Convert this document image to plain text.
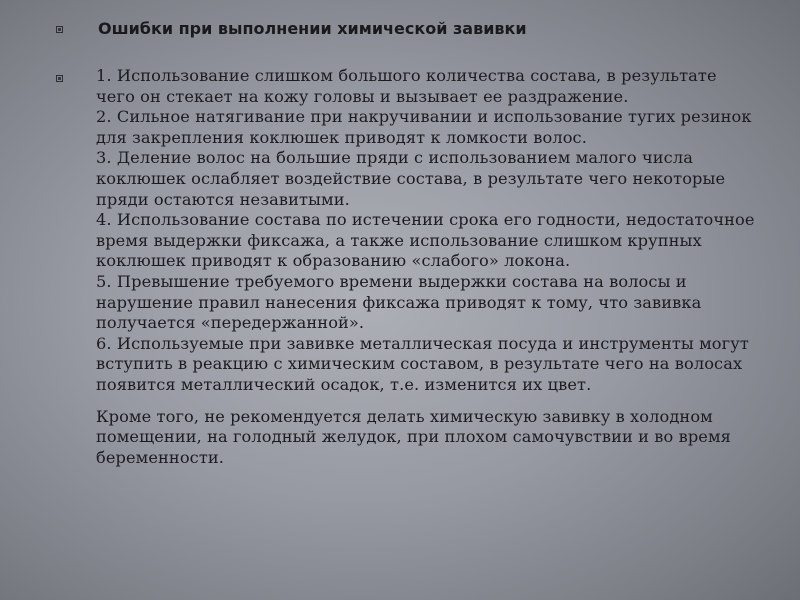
Ошибки при выполнении химической завивки

1. Использование слишком большого количества состава, в результате чего он стекает на кожу головы и вызывает ее раздражение.

2. Сильное натягивание при накручивании и использование тугих резинок для закрепления коклюшек приводят к ломкости волос.

3. Деление волос на большие пряди с использованием малого числа коклюшек ослабляет воздействие состава, в результате чего некоторые пряди остаются незавитыми.

4. Использование состава по истечении срока его годности, недостаточное время выдержки фиксажа, а также использование слишком крупных коклюшек приводят к образованию «слабого» локона.

5. Превышение требуемого времени выдержки состава на волосы и нарушение правил нанесения фиксажа приводят к тому, что завивка получается «передержанной».

6. Используемые при завивке металлическая посуда и инструменты могут вступить в реакцию с химическим составом, в результате чего на волосах появится металлический осадок, т.е. изменится их цвет.

Кроме того, не рекомендуется делать химическую завивку в холодном помещении, на голодный желудок, при плохом самочувствии и во время беременности.
